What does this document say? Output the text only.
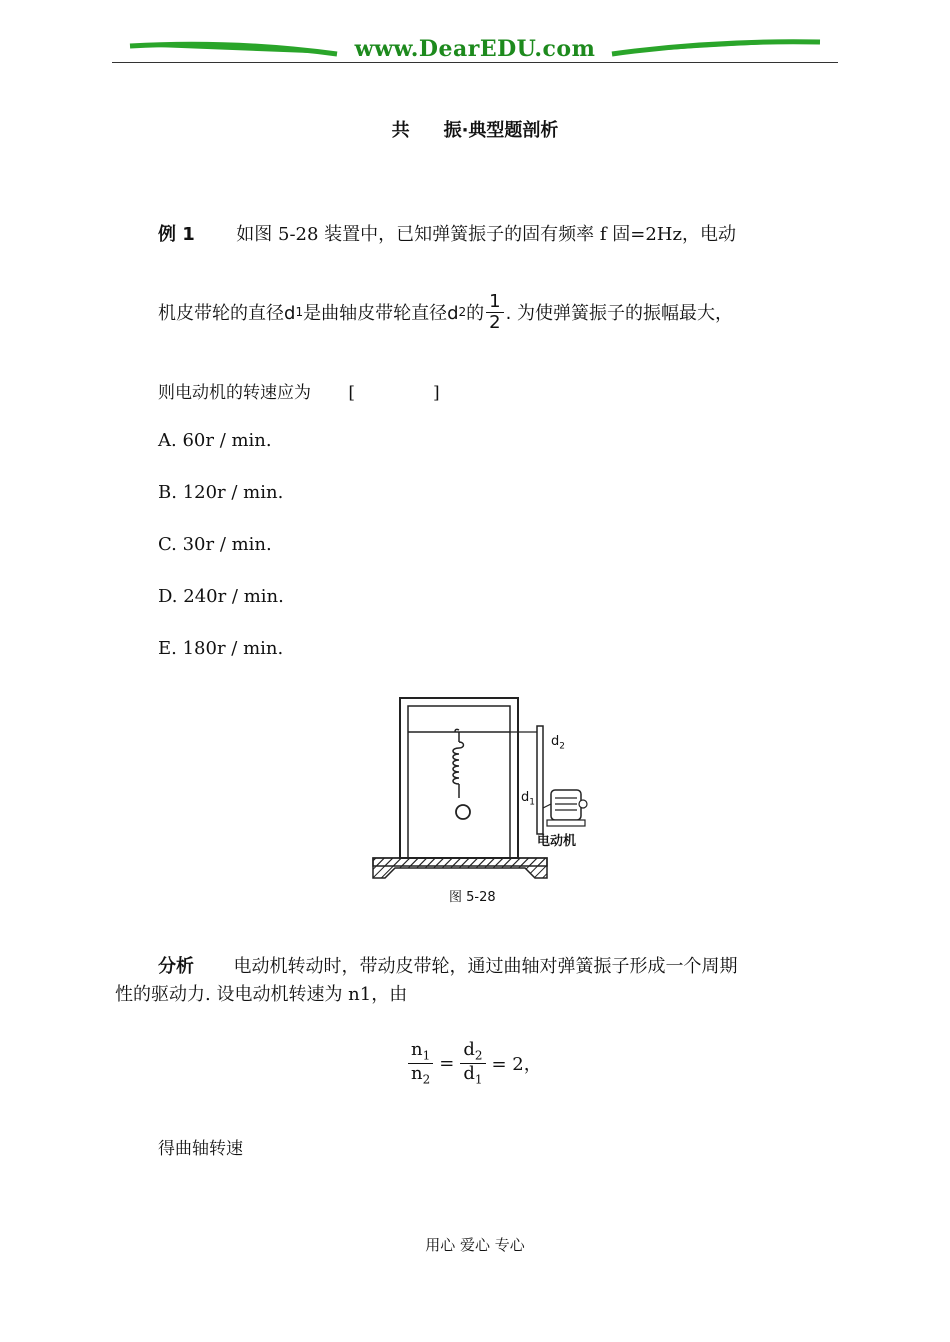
www.DearEDU.com
共 振·典型题剖析
例 1 如图 5-28 装置中，已知弹簧振子的固有频率 f 固=2Hz，电动
机皮带轮的直径d 1 是曲轴皮带轮直径d 2 的 $\frac{1}{2}$ . 为使弹簧振子的振幅最大，
则电动机的转速应为 [	]
A. 60r / min.
B. 120r / min.
C. 30r / min.
D. 240r / min.
E. 180r / min.
$d_2$
$d_1$
电动机
图 5-28
分析 电动机转动时，带动皮带轮，通过曲轴对弹簧振子形成一个周期
性的驱动力. 设电动机转速为 n1，由
$\frac{n_1}{n_2} = \frac{d_2}{d_1} = 2$，
得曲轴转速
用心 爱心 专心
